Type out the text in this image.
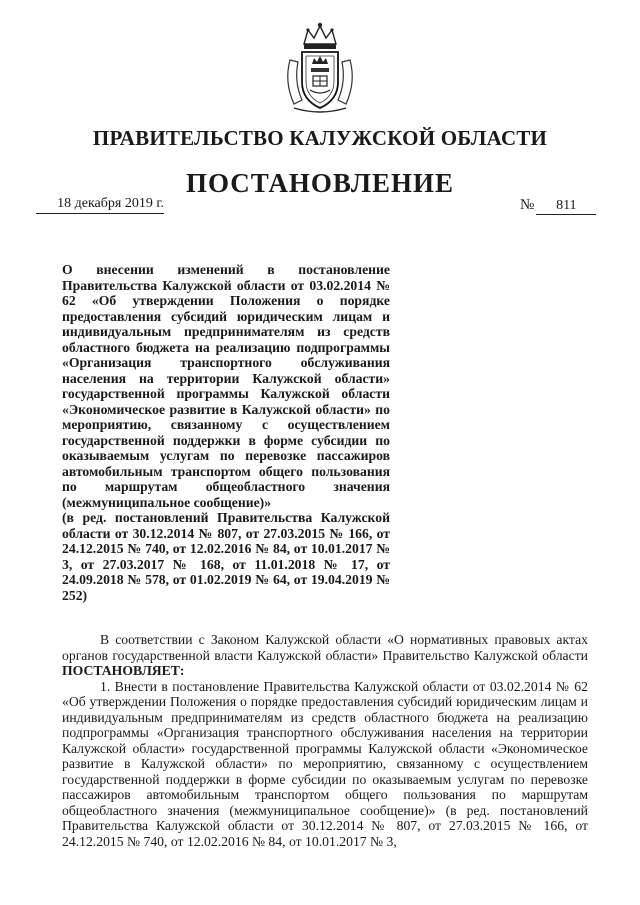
ПРАВИТЕЛЬСТВО КАЛУЖСКОЙ ОБЛАСТИ
ПОСТАНОВЛЕНИЕ
18 декабря 2019 г.	№ 811

О внесении изменений в постановление Правительства Калужской области от 03.02.2014 № 62 «Об утверждении Положения о порядке предоставления субсидий юридическим лицам и индивидуальным предпринимателям из средств областного бюджета на реализацию подпрограммы «Организация транспортного обслуживания населения на территории Калужской области» государственной программы Калужской области «Экономическое развитие в Калужской области» по мероприятию, связанному с осуществлением государственной поддержки в форме субсидии по оказываемым услугам по перевозке пассажиров автомобильным транспортом общего пользования по маршрутам общеобластного значения (межмуниципальное сообщение)»

(в ред. постановлений Правительства Калужской области от 30.12.2014 № 807, от 27.03.2015 № 166, от 24.12.2015 № 740, от 12.02.2016 № 84, от 10.01.2017 № 3, от 27.03.2017 № 168, от 11.01.2018 № 17, от 24.09.2018 № 578, от 01.02.2019 № 64, от 19.04.2019 № 252)

В соответствии с Законом Калужской области «О нормативных правовых актах органов государственной власти Калужской области» Правительство Калужской области ПОСТАНОВЛЯЕТ:

1. Внести в постановление Правительства Калужской области от 03.02.2014 № 62 «Об утверждении Положения о порядке предоставления субсидий юридическим лицам и индивидуальным предпринимателям из средств областного бюджета на реализацию подпрограммы «Организация транспортного обслуживания населения на территории Калужской области» государственной программы Калужской области «Экономическое развитие в Калужской области» по мероприятию, связанному с осуществлением государственной поддержки в форме субсидии по оказываемым услугам по перевозке пассажиров автомобильным транспортом общего пользования по маршрутам общеобластного значения (межмуниципальное сообщение)» (в ред. постановлений Правительства Калужской области от 30.12.2014 № 807, от 27.03.2015 № 166, от 24.12.2015 № 740, от 12.02.2016 № 84, от 10.01.2017 № 3,
